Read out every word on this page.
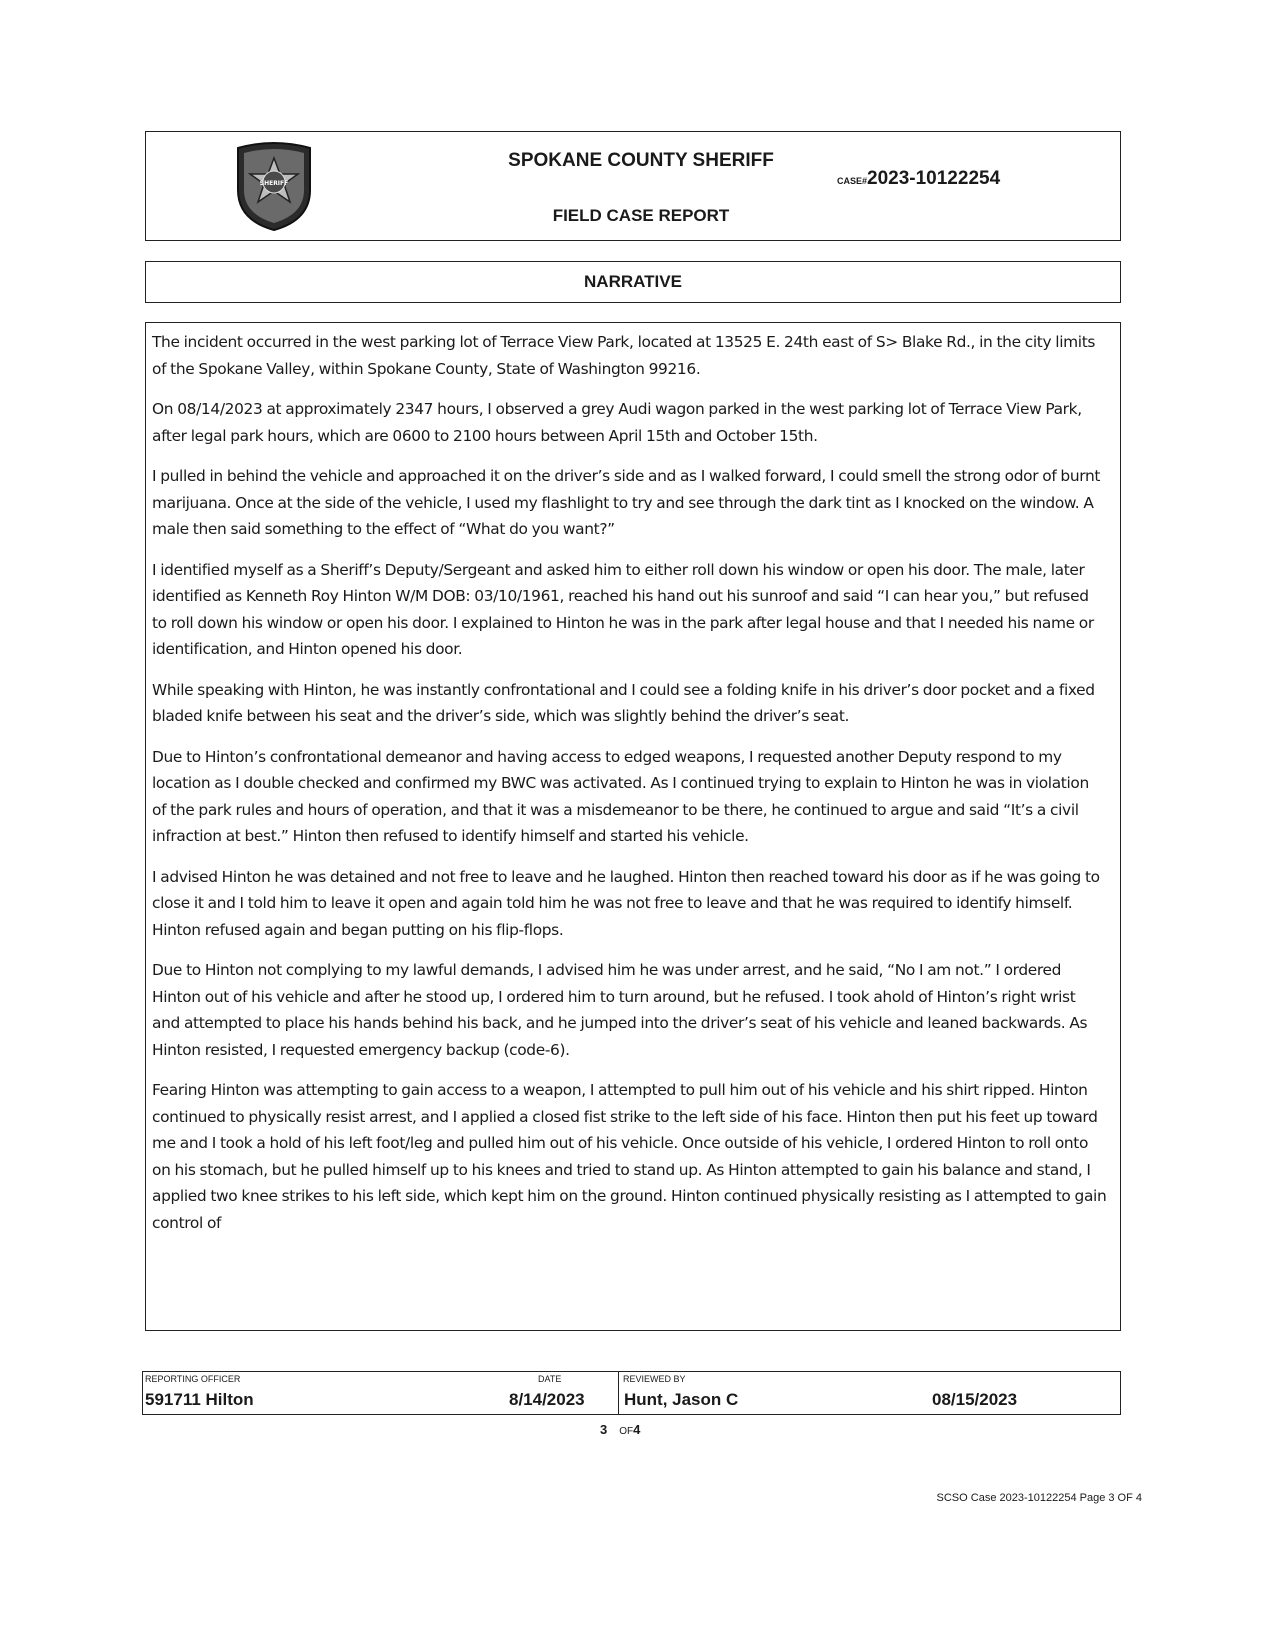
SHERIFF
SPOKANE COUNTY SHERIFF
CASE#2023-10122254
FIELD CASE REPORT
NARRATIVE

The incident occurred in the west parking lot of Terrace View Park, located at 13525 E. 24th east of S> Blake Rd., in the city limits of the Spokane Valley, within Spokane County, State of Washington 99216.

On 08/14/2023 at approximately 2347 hours, I observed a grey Audi wagon parked in the west parking lot of Terrace View Park, after legal park hours, which are 0600 to 2100 hours between April 15th and October 15th.

I pulled in behind the vehicle and approached it on the driver’s side and as I walked forward, I could smell the strong odor of burnt marijuana. Once at the side of the vehicle, I used my flashlight to try and see through the dark tint as I knocked on the window. A male then said something to the effect of “What do you want?”

I identified myself as a Sheriff’s Deputy/Sergeant and asked him to either roll down his window or open his door. The male, later identified as Kenneth Roy Hinton W/M DOB: 03/10/1961, reached his hand out his sunroof and said “I can hear you,” but refused to roll down his window or open his door. I explained to Hinton he was in the park after legal house and that I needed his name or identification, and Hinton opened his door.

While speaking with Hinton, he was instantly confrontational and I could see a folding knife in his driver’s door pocket and a fixed bladed knife between his seat and the driver’s side, which was slightly behind the driver’s seat.

Due to Hinton’s confrontational demeanor and having access to edged weapons, I requested another Deputy respond to my location as I double checked and confirmed my BWC was activated. As I continued trying to explain to Hinton he was in violation of the park rules and hours of operation, and that it was a misdemeanor to be there, he continued to argue and said “It’s a civil infraction at best.” Hinton then refused to identify himself and started his vehicle.

I advised Hinton he was detained and not free to leave and he laughed. Hinton then reached toward his door as if he was going to close it and I told him to leave it open and again told him he was not free to leave and that he was required to identify himself. Hinton refused again and began putting on his flip-flops.

Due to Hinton not complying to my lawful demands, I advised him he was under arrest, and he said, “No I am not.” I ordered Hinton out of his vehicle and after he stood up, I ordered him to turn around, but he refused. I took ahold of Hinton’s right wrist and attempted to place his hands behind his back, and he jumped into the driver’s seat of his vehicle and leaned backwards. As Hinton resisted, I requested emergency backup (code-6).

Fearing Hinton was attempting to gain access to a weapon, I attempted to pull him out of his vehicle and his shirt ripped. Hinton continued to physically resist arrest, and I applied a closed fist strike to the left side of his face. Hinton then put his feet up toward me and I took a hold of his left foot/leg and pulled him out of his vehicle. Once outside of his vehicle, I ordered Hinton to roll onto on his stomach, but he pulled himself up to his knees and tried to stand up. As Hinton attempted to gain his balance and stand, I applied two knee strikes to his left side, which kept him on the ground. Hinton continued physically resisting as I attempted to gain control of

REPORTING OFFICER
591711 Hilton
DATE
8/14/2023
REVIEWED BY
Hunt, Jason C	08/15/2023
3 OF4
SCSO Case 2023-10122254 Page 3 OF 4
